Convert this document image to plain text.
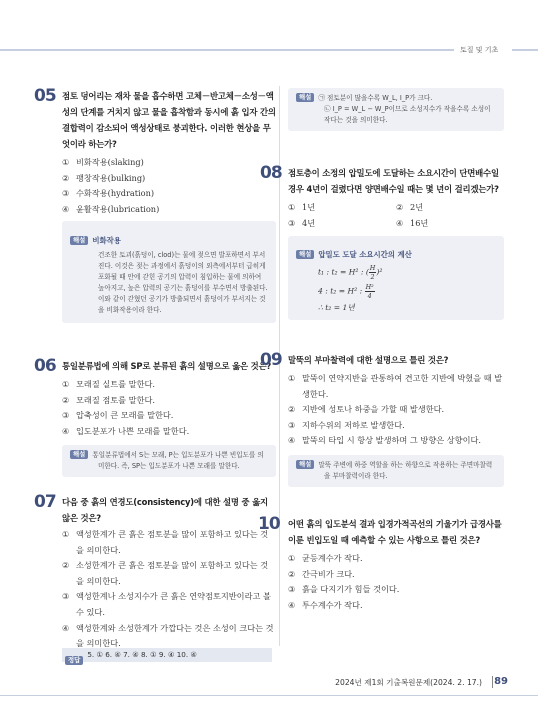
토질 및 기초
05 점토 덩어리는 재차 물을 흡수하면 고체－반고체－소성－액성의 단계를 거치지 않고 물을 흡착함과 동시에 흙 입자 간의 결합력이 감소되어 액성상태로 붕괴한다. 이러한 현상을 무엇이라 하는가?
① 비화작용(slaking)
② 팽창작용(bulking)
③ 수화작용(hydration)
④ 윤활작용(lubrication)
해설 비화작용
건조한 토괴(흙덩이, clod)는 물에 젖으면 발포하면서 부서진다. 이것은 젖는 과정에서 흙덩이의 외측에서부터 급히게 포화될 때 안에 갇힌 공기의 압력이 침입하는 물에 의하여 높아지고, 높은 압력의 공기는 흙덩이를 부수면서 방출된다. 이와 같이 갇혔던 공기가 방출되면서 흙덩이가 부서지는 것을 비화작용이라 한다.
06 통일분류법에 의해 SP로 분류된 흙의 설명으로 옳은 것은?
① 모래질 실트를 말한다.
② 모래질 점토를 말한다.
③ 압축성이 큰 모래를 말한다.
④ 입도분포가 나쁜 모래를 말한다.
해설 통일분류법에서 S는 모래, P는 입도분포가 나쁜 빈입도를 의미한다. 즉, SP는 입도분포가 나쁜 모래를 말한다.
07 다음 중 흙의 연경도(consistency)에 대한 설명 중 옳지 않은 것은?
① 액성한계가 큰 흙은 점토분을 많이 포함하고 있다는 것을 의미한다.
② 소성한계가 큰 흙은 점토분을 많이 포함하고 있다는 것을 의미한다.
③ 액성한계나 소성지수가 큰 흙은 연약점토지반이라고 볼 수 있다.
④ 액성한계와 소성한계가 가깝다는 것은 소성이 크다는 것을 의미한다.
정답5. ① 6. ④ 7. ④ 8. ① 9. ④ 10. ④
해설 ㉠ 점토분이 많을수록 W_L, I_P가 크다.
㉡ I_P = W_L − W_P이므로 소성지수가 작을수록 소성이 작다는 것을 의미한다.
08 점토층이 소정의 압밀도에 도달하는 소요시간이 단면배수일 경우 4년이 걸렸다면 양면배수일 때는 몇 년이 걸리겠는가?
① 1년	② 2년
③ 4년	④ 16년
해설 압밀도 도달 소요시간의 계산
t₁ : t₂ = H² : ( $\frac{H}{2} )^2$
4 : t₂ = H² : $\frac{\text{H²}}{4}$
∴ t₂ = 1년
09 말뚝의 부마찰력에 대한 설명으로 틀린 것은?
① 말뚝이 연약지반을 관통하여 견고한 지반에 박혔을 때 발생한다.
② 지반에 성토나 하중을 가할 때 발생한다.
③ 지하수위의 저하로 발생한다.
④ 말뚝의 타입 시 항상 발생하며 그 방향은 상향이다.
해설 말뚝 주변에 하중 역할을 하는 하향으로 작용하는 주면마찰력을 부마찰력이라 한다.
10 어떤 흙의 입도분석 결과 입경가적곡선의 기울기가 급경사를 이룬 빈입도일 때 예측할 수 있는 사항으로 틀린 것은?
① 균등계수가 작다.
② 간극비가 크다.
③ 흙을 다지기가 힘들 것이다.
④ 투수계수가 작다.
2024년 제1회 기출복원문제(2024. 2. 17.) 89
